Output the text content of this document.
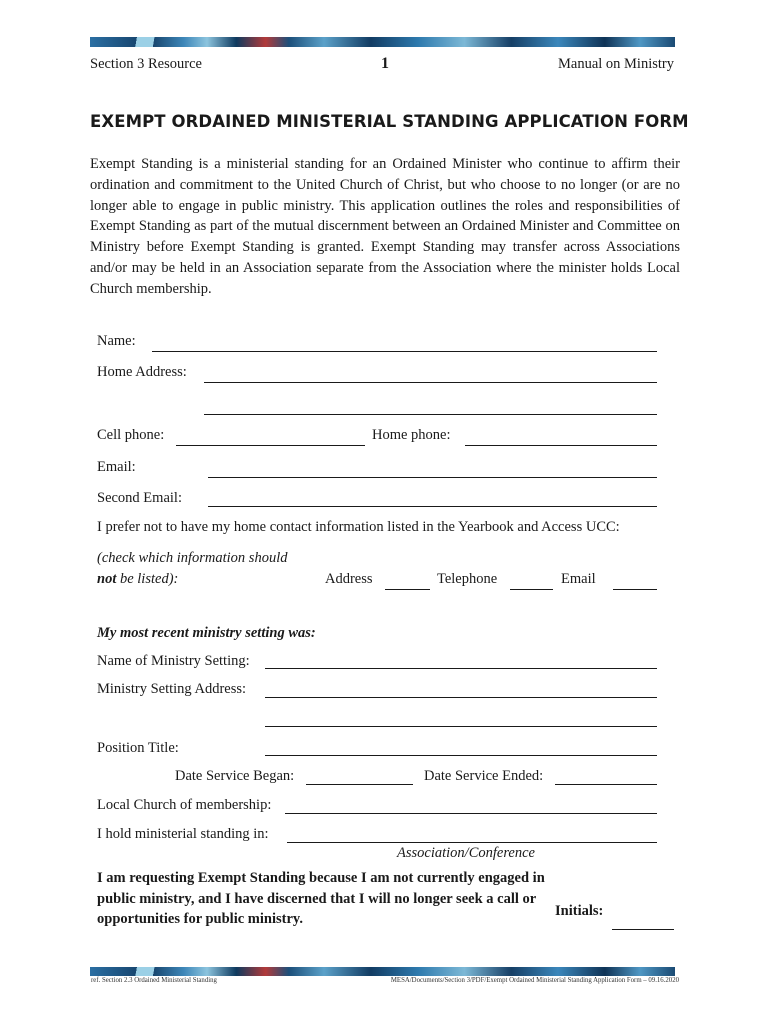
Section 3 Resource	1	Manual on Ministry
EXEMPT ORDAINED MINISTERIAL STANDING APPLICATION FORM

Exempt Standing is a ministerial standing for an Ordained Minister who continue to affirm their ordination and commitment to the United Church of Christ, but who choose to no longer (or are no longer able to engage in public ministry. This application outlines the roles and responsibilities of Exempt Standing as part of the mutual discernment between an Ordained Minister and Committee on Ministry before Exempt Standing is granted. Exempt Standing may transfer across Associations and/or may be held in an Association separate from the Association where the minister holds Local Church membership.

Name:
Home Address:
Cell phone:	Home phone:
Email:
Second Email:
I prefer not to have my home contact information listed in the Yearbook and Access UCC:
(check which information should
not be listed):	Address	Telephone	Email
My most recent ministry setting was:
Name of Ministry Setting:
Ministry Setting Address:
Position Title:
Date Service Began:	Date Service Ended:
Local Church of membership:
I hold ministerial standing in:
Association/Conference

I am requesting Exempt Standing because I am not currently engaged in public ministry, and I have discerned that I will no longer seek a call or opportunities for public ministry.	Initials:
ref. Section 2.3 Ordained Ministerial Standing	MESA/Documents/Section 3/PDF/Exempt Ordained Ministerial Standing Application Form – 09.16.2020
